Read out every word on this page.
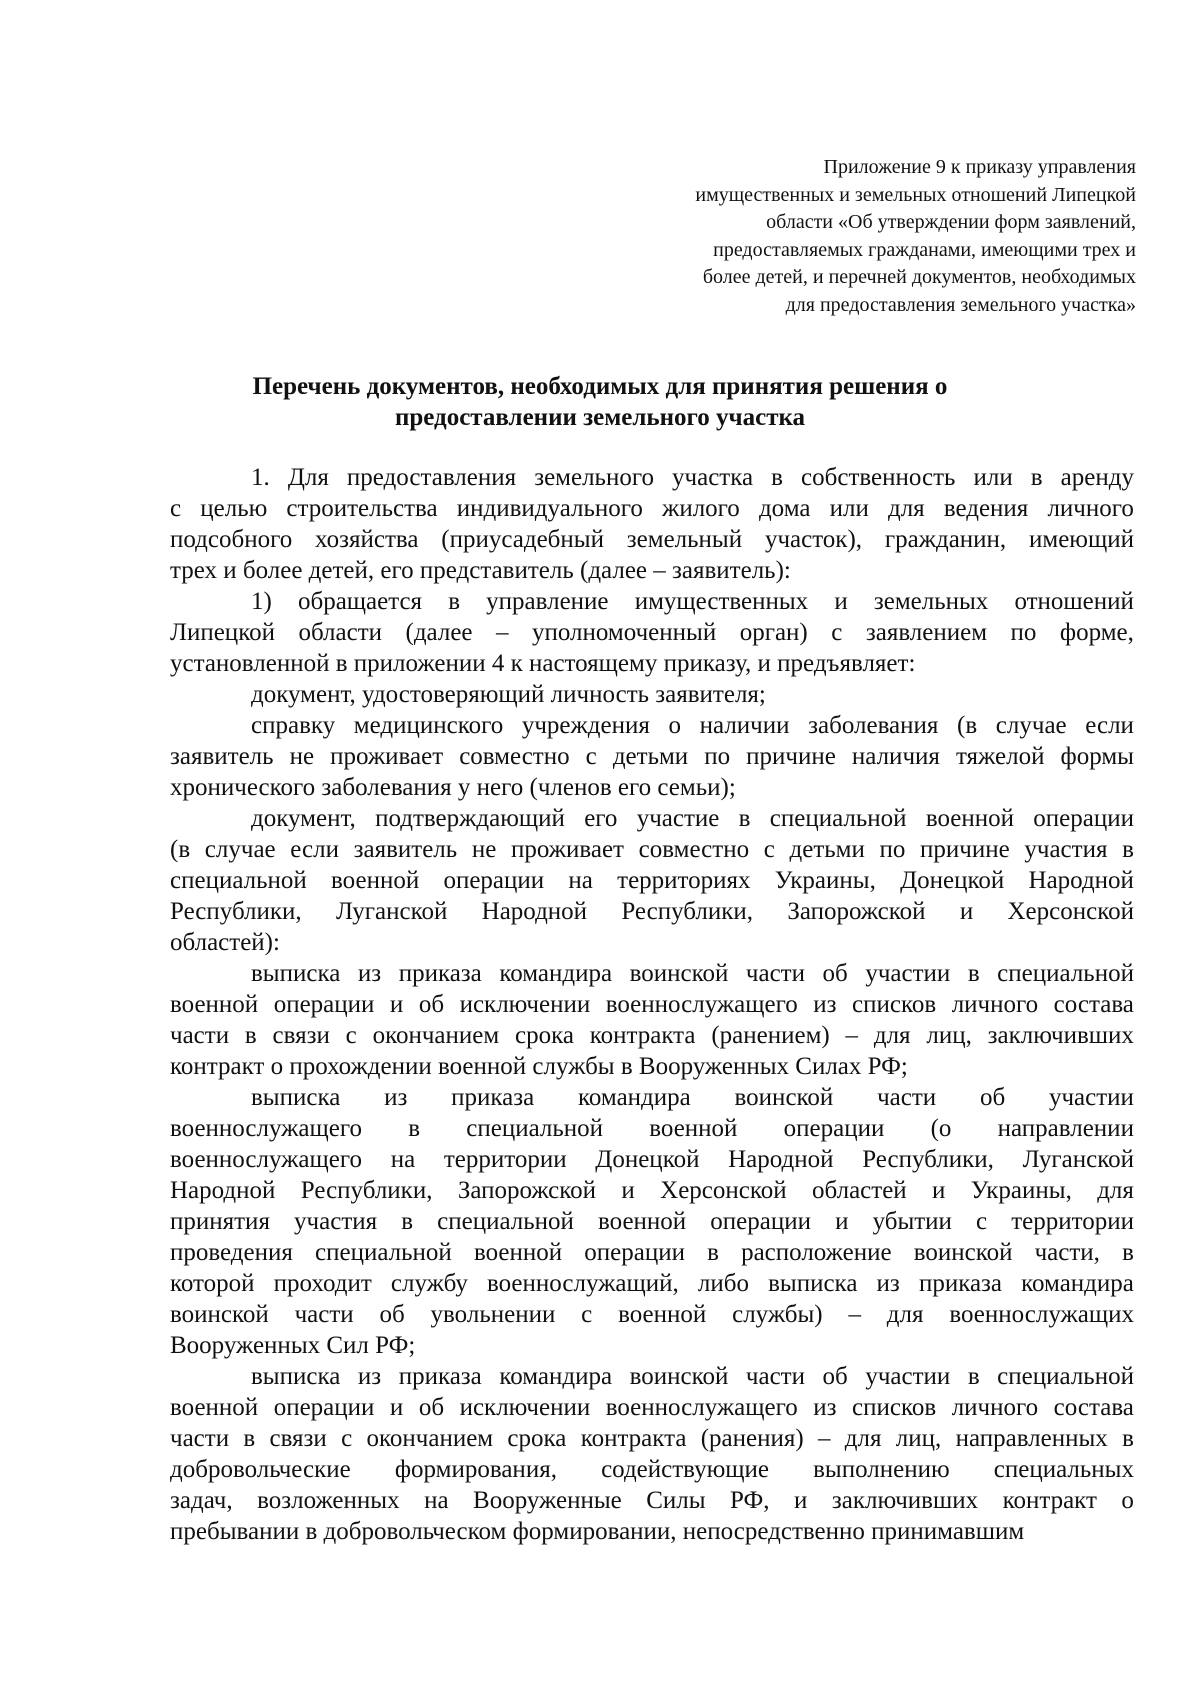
Приложение 9 к приказу управления
имущественных и земельных отношений Липецкой
области «Об утверждении форм заявлений,
предоставляемых гражданами, имеющими трех и
более детей, и перечней документов, необходимых
для предоставления земельного участка»
Перечень документов, необходимых для принятия решения о
предоставлении земельного участка
1. Для предоставления земельного участка в собственность или в аренду
с целью строительства индивидуального жилого дома или для ведения личного
подсобного хозяйства (приусадебный земельный участок), гражданин, имеющий
трех и более детей, его представитель (далее – заявитель):
1) обращается в управление имущественных и земельных отношений
Липецкой области (далее – уполномоченный орган) с заявлением по форме,
установленной в приложении 4 к настоящему приказу, и предъявляет:
документ, удостоверяющий личность заявителя;
справку медицинского учреждения о наличии заболевания (в случае если
заявитель не проживает совместно с детьми по причине наличия тяжелой формы
хронического заболевания у него (членов его семьи);
документ, подтверждающий его участие в специальной военной операции
(в случае если заявитель не проживает совместно с детьми по причине участия в
специальной военной операции на территориях Украины, Донецкой Народной
Республики, Луганской Народной Республики, Запорожской и Херсонской
областей):
выписка из приказа командира воинской части об участии в специальной
военной операции и об исключении военнослужащего из списков личного состава
части в связи с окончанием срока контракта (ранением) – для лиц, заключивших
контракт о прохождении военной службы в Вооруженных Силах РФ;
выписка из приказа командира воинской части об участии
военнослужащего в специальной военной операции (о направлении
военнослужащего на территории Донецкой Народной Республики, Луганской
Народной Республики, Запорожской и Херсонской областей и Украины, для
принятия участия в специальной военной операции и убытии с территории
проведения специальной военной операции в расположение воинской части, в
которой проходит службу военнослужащий, либо выписка из приказа командира
воинской части об увольнении с военной службы) – для военнослужащих
Вооруженных Сил РФ;
выписка из приказа командира воинской части об участии в специальной
военной операции и об исключении военнослужащего из списков личного состава
части в связи с окончанием срока контракта (ранения) – для лиц, направленных в
добровольческие формирования, содействующие выполнению специальных
задач, возложенных на Вооруженные Силы РФ, и заключивших контракт о
пребывании в добровольческом формировании, непосредственно принимавшим
